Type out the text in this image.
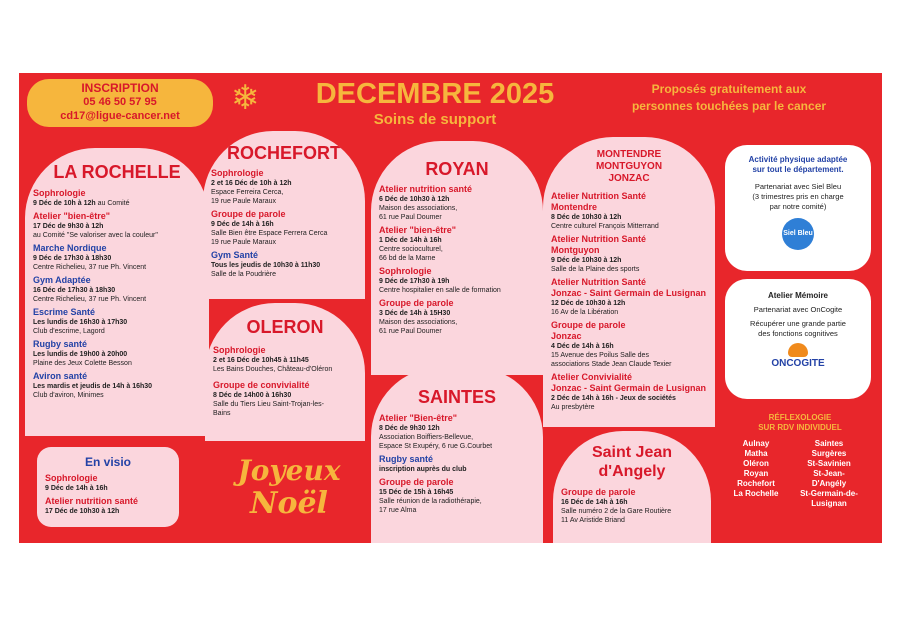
INSCRIPTION
05 46 50 57 95
cd17@ligue-cancer.net	❄	DECEMBRE 2025
Soins de support
Proposés gratuitement aux
personnes touchées par le cancer
LA ROCHELLE
Sophrologie
9 Déc de 10h à 12h au Comité
Atelier "bien-être"
17 Déc de 9h30 à 12h
au Comité "Se valoriser avec la couleur"
Marche Nordique
9 Déc de 17h30 à 18h30
Centre Richelieu, 37 rue Ph. Vincent
Gym Adaptée
16 Déc de 17h30 à 18h30
Centre Richelieu, 37 rue Ph. Vincent
Escrime Santé
Les lundis de 16h30 à 17h30
Club d'escrime, Lagord
Rugby santé
Les lundis de 19h00 à 20h00
Plaine des Jeux Colette Besson
Aviron santé
Les mardis et jeudis de 14h à 16h30
Club d'aviron, Minimes
En visio
Sophrologie
9 Déc de 14h à 16h
Atelier nutrition santé
17 Déc de 10h30 à 12h
ROCHEFORT
Sophrologie
2 et 16 Déc de 10h à 12h
Espace Ferreira Cerca,
19 rue Paule Maraux
Groupe de parole
9 Déc de 14h à 16h
Salle Bien être Espace Ferrera Cerca
19 rue Paule Maraux
Gym Santé
Tous les jeudis de 10h30 à 11h30
Salle de la Poudrière
OLERON
Sophrologie
2 et 16 Déc de 10h45 à 11h45
Les Bains Douches, Château-d'Oléron
Groupe de convivialité
8 Déc de 14h00 à 16h30
Salle du Tiers Lieu Saint-Trojan-les-
Bains
Joyeux
Noël
ROYAN
Atelier nutrition santé
6 Déc de 10h30 à 12h
Maison des associations,
61 rue Paul Doumer
Atelier "bien-être"
1 Déc de 14h à 16h
Centre socioculturel,
66 bd de la Marne
Sophrologie
9 Déc de 17h30 à 19h
Centre hospitalier en salle de formation
Groupe de parole
3 Déc de 14h à 15H30
Maison des associations,
61 rue Paul Doumer
SAINTES
Atelier "Bien-être"
8 Déc de 9h30 12h
Association Boiffiers-Bellevue,
Espace St Exupéry, 6 rue G.Courbet
Rugby santé
inscription auprès du club
Groupe de parole
15 Déc de 15h à 16h45
Salle réunion de la radiothérapie,
17 rue Alma
MONTENDRE
MONTGUYON
JONZAC
Atelier Nutrition Santé
Montendre
8 Déc de 10h30 à 12h
Centre culturel François Mitterrand
Atelier Nutrition Santé
Montguyon
9 Déc de 10h30 à 12h
Salle de la Plaine des sports
Atelier Nutrition Santé
Jonzac - Saint Germain de Lusignan
12 Déc de 10h30 à 12h
16 Av de la Libération
Groupe de parole
Jonzac
4 Déc de 14h à 16h
15 Avenue des Poilus Salle des
associations Stade Jean Claude Texier
Atelier Convivialité
Jonzac - Saint Germain de Lusignan
2 Déc de 14h à 16h - Jeux de sociétés
Au presbytère
Saint Jean
d'Angely
Groupe de parole
16 Déc de 14h à 16h
Salle numéro 2 de la Gare Routière
11 Av Aristide Briand
Activité physique adaptée
sur tout le département.
Partenariat avec Siel Bleu
(3 trimestres pris en charge
par notre comité)
Siel Bleu
Atelier Mémoire
Partenariat avec OnCogite
Récupérer une grande partie
des fonctions cognitives
ONCOGITE
RÉFLEXOLOGIE
SUR RDV INDIVIDUEL
Aulnay
Matha
Oléron
Royan
Rochefort
La Rochelle
Saintes
Surgères
St-Savinien
St-Jean-
D'Angély
St-Germain-de-
Lusignan
